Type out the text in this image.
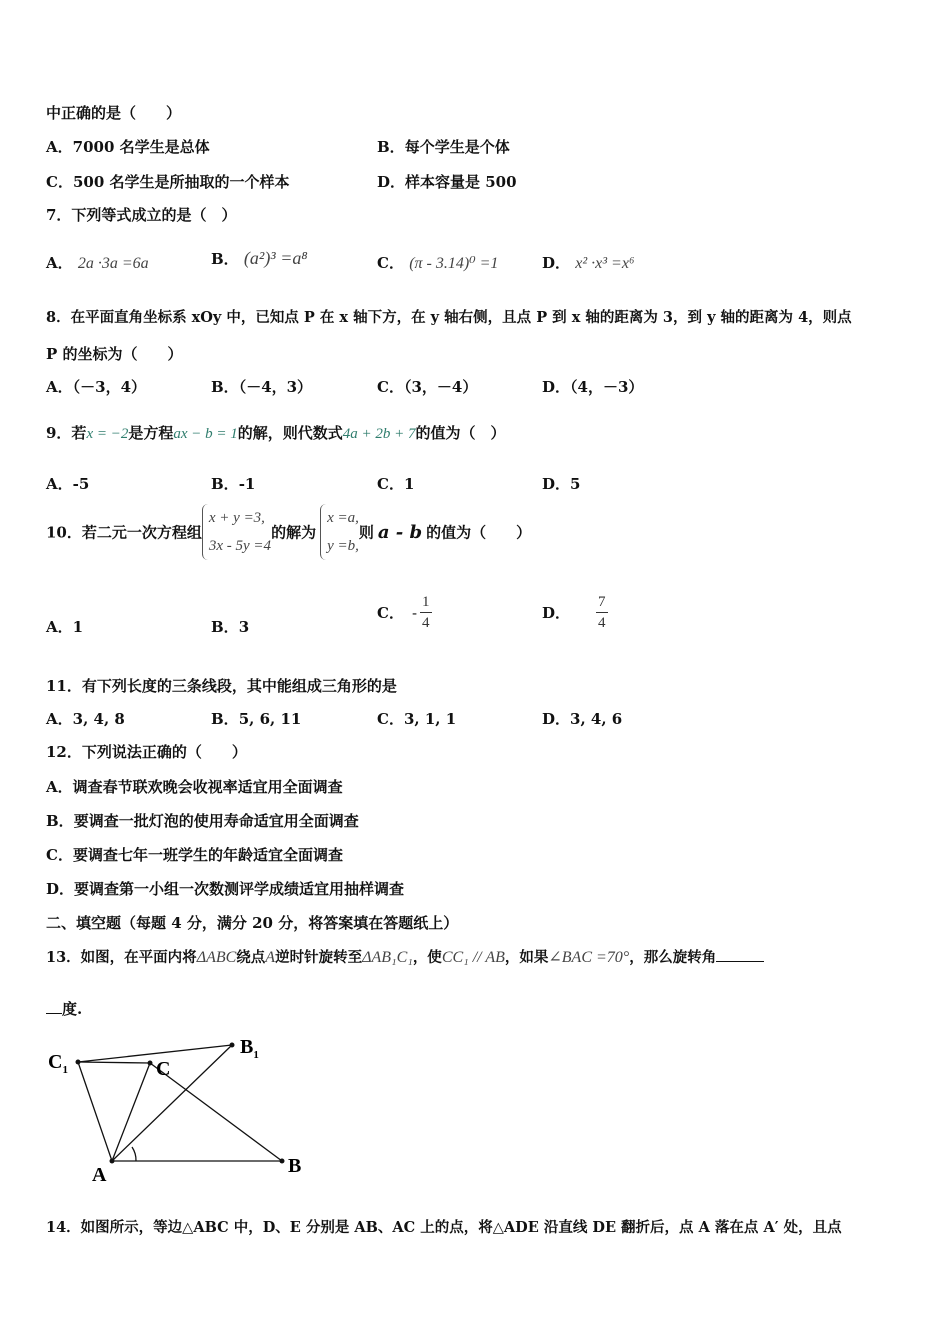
中正确的是（　　）
A．7000 名学生是总体	B．每个学生是个体
C．500 名学生是所抽取的一个样本	D．样本容量是 500
7．下列等式成立的是（　）
A． 2a ·3a =6a	B． (a²)³ =a⁸	C． (π - 3.14)⁰ =1	D． x² ·x³ =x⁶
8．在平面直角坐标系 xOy 中，已知点 P 在 x 轴下方，在 y 轴右侧，且点 P 到 x 轴的距离为 3，到 y 轴的距离为 4，则点
P 的坐标为（　　）
A．（－3，4）	B．（－4，3）	C．（3，－4）	D．（4，－3）
9．若x = −2是方程ax − b = 1的解，则代数式4a + 2b + 7的值为（　）
A．-5	B．-1	C．1	D．5
10．若二元一次方程组
x + y =3,
3x - 5y =4
的解为
x =a,
y =b,
则 a - b 的值为（　　）
A．1	B．3
C． - $\frac{1}{4}$	D． $\frac{7}{4}$
11．有下列长度的三条线段，其中能组成三角形的是
A．3, 4, 8	B．5, 6, 11	C．3, 1, 1	D．3, 4, 6
12．下列说法正确的（　　）
A．调查春节联欢晚会收视率适宜用全面调查
B．要调查一批灯泡的使用寿命适宜用全面调查
C．要调查七年一班学生的年龄适宜全面调查
D．要调查第一小组一次数测评学成绩适宜用抽样调查
二、填空题（每题 4 分，满分 20 分，将答案填在答题纸上）
13．如图，在平面内将ΔABC绕点A逆时针旋转至ΔAB₁C₁，使CC₁ // AB，如果∠BAC =70°，那么旋转角
度.
$C_1$	C
$B_1$
A	B
14．如图所示，等边△ABC 中，D、E 分别是 AB、AC 上的点，将△ADE 沿直线 DE 翻折后，点 A 落在点 A′ 处，且点
